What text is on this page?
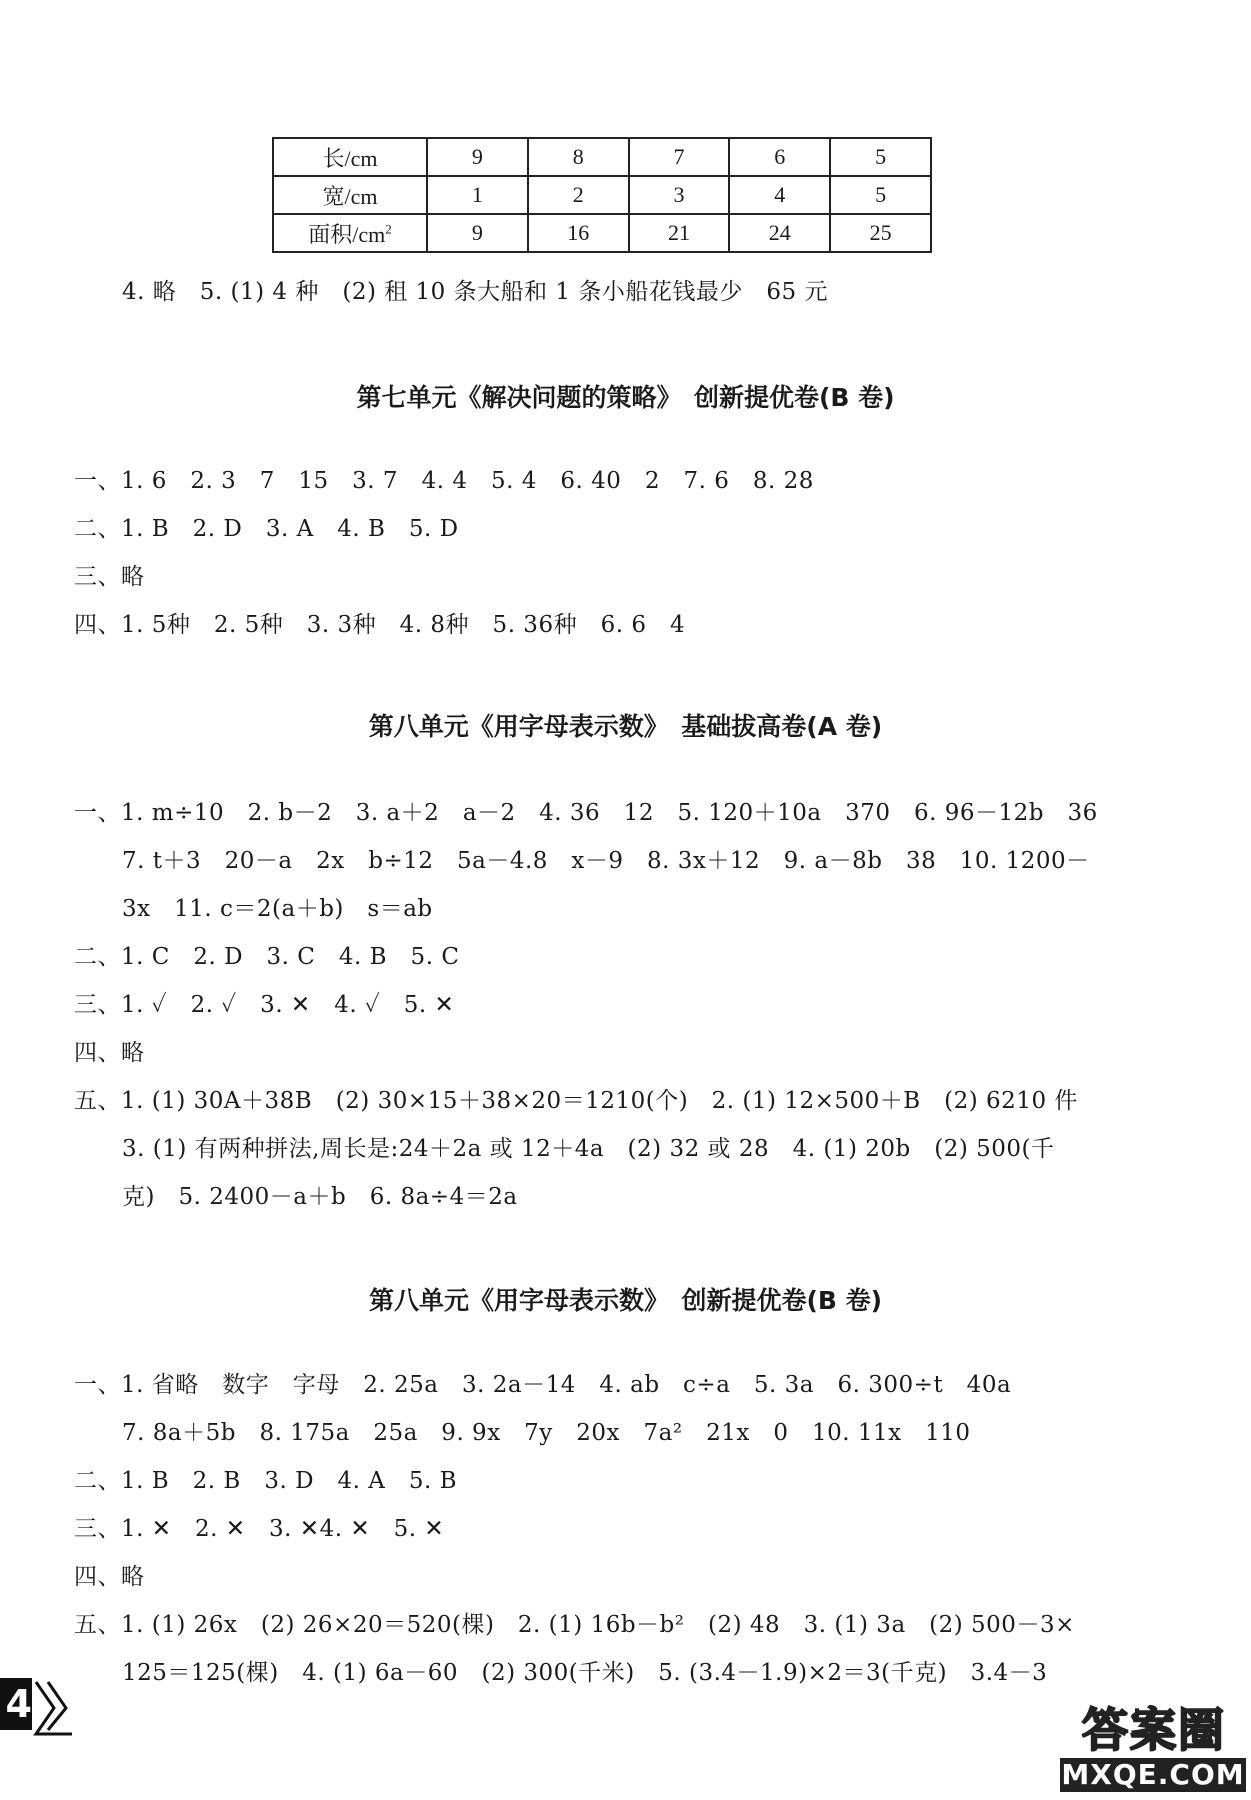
长/cm	9	8	7	6	5
宽/cm	1	2	3	4	5
面积$/cm^2$	9	16	21	24	25
4. 略　5. (1) 4 种　(2) 租 10 条大船和 1 条小船花钱最少　65 元
第七单元《解决问题的策略》　创新提优卷(B 卷)
一、1. 6　2. 3　7　15　3. 7　4. 4　5. 4　6. 40　2　7. 6　8. 28
二、1. B　2. D　3. A　4. B　5. D
三、略
四、1. 5种　2. 5种　3. 3种　4. 8种　5. 36种　6. 6　4
第八单元《用字母表示数》　基础拔高卷(A 卷)
一、1. m÷10　2. b－2　3. a＋2　a－2　4. 36　12　5. 120＋10a　370　6. 96－12b　36
7. t＋3　20－a　2x　b÷12　5a－4.8　x－9　8. 3x＋12　9. a－8b　38　10. 1200－
3x　11. c＝2(a＋b)　s＝ab
二、1. C　2. D　3. C　4. B　5. C
三、1. ✓　2. ✓　3. ✕　4. ✓　5. ✕
四、略
五、1. (1) 30A＋38B　(2) 30×15＋38×20＝1210(个)　2. (1) 12×500＋B　(2) 6210 件
3. (1) 有两种拼法,周长是:24＋2a 或 12＋4a　(2) 32 或 28　4. (1) 20b　(2) 500(千
克)　5. 2400－a＋b　6. 8a÷4＝2a
第八单元《用字母表示数》　创新提优卷(B 卷)
一、1. 省略　数字　字母　2. 25a　3. 2a－14　4. ab　c÷a　5. 3a　6. 300÷t　40a
7. 8a＋5b　8. 175a　25a　9. 9x　7y　20x　7a²　21x　0　10. 11x　110
二、1. B　2. B　3. D　4. A　5. B
三、1. ✕　2. ✕　3. ✕4. ✕　5. ✕
四、略
五、1. (1) 26x　(2) 26×20＝520(棵)　2. (1) 16b－b²　(2) 48　3. (1) 3a　(2) 500－3×
125＝125(棵)　4. (1) 6a－60　(2) 300(千米)　5. (3.4－1.9)×2＝3(千克)　3.4－3
4	答案圈
MXQE.COM
